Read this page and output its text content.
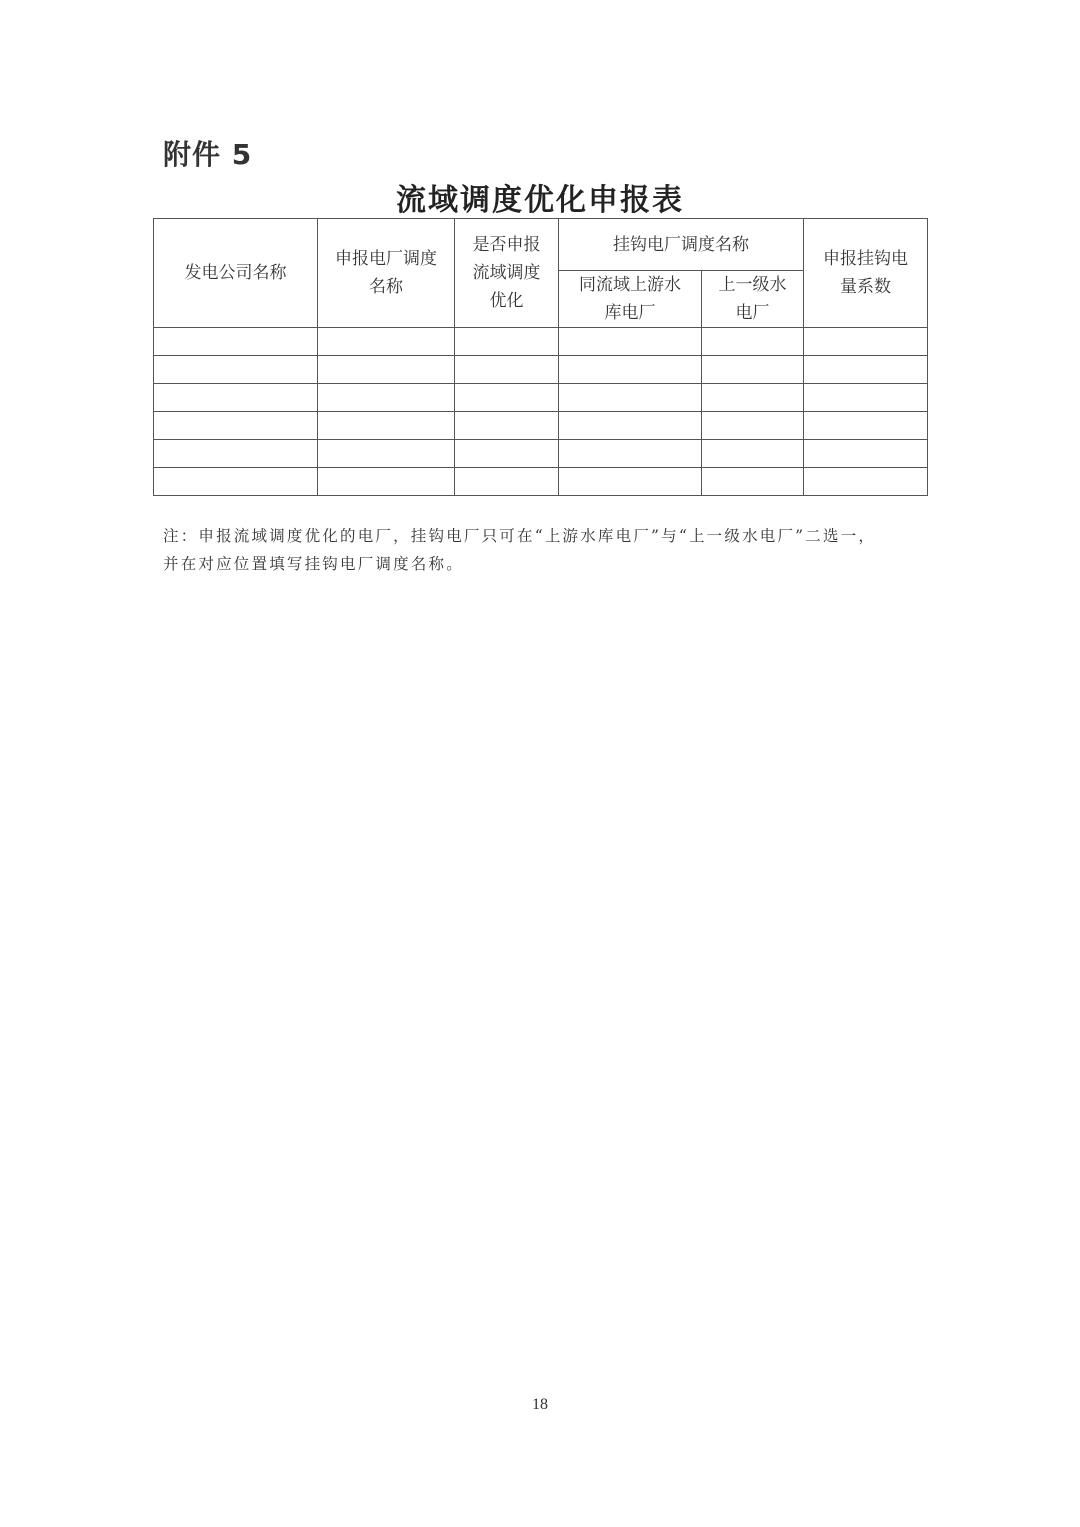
附件 5
流域调度优化申报表
发电公司名称	申报电厂调度名称	是否申报流域调度优化	挂钩电厂调度名称		申报挂钩电量系数

			同流域上游水库电厂	上一级水电厂	

注：申报流域调度优化的电厂，挂钩电厂只可在“上游水库电厂”与“上一级水电厂”二选一，
并在对应位置填写挂钩电厂调度名称。
18
